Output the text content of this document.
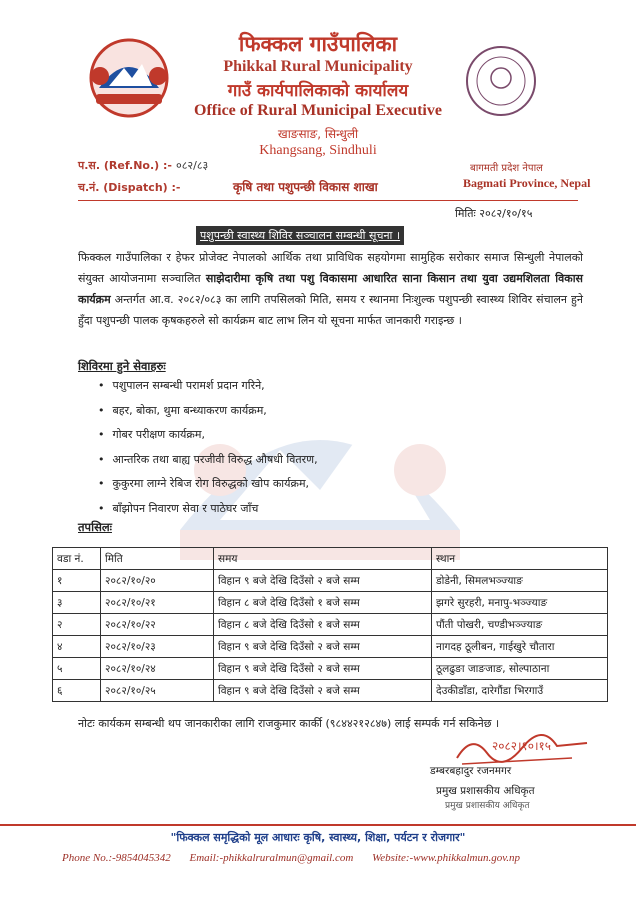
फिक्कल गाउँपालिका
Phikkal Rural Municipality
गाउँ कार्यपालिकाको कार्यालय
Office of Rural Municipal Executive
खाङसाङ, सिन्धुली
Khangsang, Sindhuli
प.स. (Ref.No.) :- ०८२/८३
च.नं. (Dispatch) :-	कृषि तथा पशुपन्छी विकास शाखा
बागमती प्रदेश नेपाल
Bagmati Province, Nepal
मितिः २०८२/१०/१५
पशुपन्छी स्वास्थ्य शिविर सञ्चालन सम्बन्धी सूचना ।
फिक्कल गाउँपालिका र हेफर प्रोजेक्ट नेपालको आर्थिक तथा प्राविधिक सहयोगमा सामुहिक सरोकार समाज सिन्धुली नेपालको संयुक्त आयोजनामा सञ्चालित साझेदारीमा कृषि तथा पशु विकासमा आधारित साना किसान तथा युवा उद्यमशिलता विकास कार्यक्रम अन्तर्गत आ.व. २०८२/०८३ का लागि तपसिलको मिति, समय र स्थानमा निःशुल्क पशुपन्छी स्वास्थ्य शिविर संचालन हुने हुँदा पशुपन्छी पालक कृषकहरुले सो कार्यक्रम बाट लाभ लिन यो सूचना मार्फत जानकारी गराइन्छ ।
शिविरमा हुने सेवाहरुः
• पशुपालन सम्बन्धी परामर्श प्रदान गरिने,
• बहर, बोका, थुमा बन्ध्याकरण कार्यक्रम,
• गोबर परीक्षण कार्यक्रम,
• आन्तरिक तथा बाह्य परजीवी विरुद्ध औषधी वितरण,
• कुकुरमा लाग्ने रेबिज रोग विरुद्धको खोप कार्यक्रम,
• बाँझोपन निवारण सेवा र पाठेघर जाँच
तपसिलः
वडा नं.	मिति	समय	स्थान
१	२०८२/१०/२०	विहान ९ बजे देखि दिउँसो २ बजे सम्म	डोडेनी, सिमलभञ्ज्याङ
३	२०८२/१०/२१	विहान ८ बजे देखि दिउँसो १ बजे सम्म	झगरे सुरहरी, मनापु-भञ्ज्याङ
२	२०८२/१०/२२	विहान ८ बजे देखि दिउँसो १ बजे सम्म	पौंती पोखरी, चण्डीभञ्ज्याङ
४	२०८२/१०/२३	विहान ९ बजे देखि दिउँसो २ बजे सम्म	नागदह ठूलीबन, गाईखुरे चौतारा
५	२०८२/१०/२४	विहान ९ बजे देखि दिउँसो २ बजे सम्म	ठूलढुङा जाङजाङ, सोल्पाठाना
६	२०८२/१०/२५	विहान ९ बजे देखि दिउँसो २ बजे सम्म	देउकीडाँडा, दारेगौंडा भिरगाउँ
नोटः कार्यकम सम्बन्धी थप जानकारीका लागि राजकुमार कार्की (९८४४२१२८४७) लाई सम्पर्क गर्न सकिनेछ ।
२०८२।१०।१५
डम्बरबहादुर रजनमगर
प्रमुख प्रशासकीय अधिकृत
प्रमुख प्रशासकीय अधिकृत
"फिक्कल समृद्धिको मूल आधारः कृषि, स्वास्थ्य, शिक्षा, पर्यटन र रोजगार"
Phone No.:-9854045342 Email:-phikkalruralmun@gmail.com Website:-www.phikkalmun.gov.np
